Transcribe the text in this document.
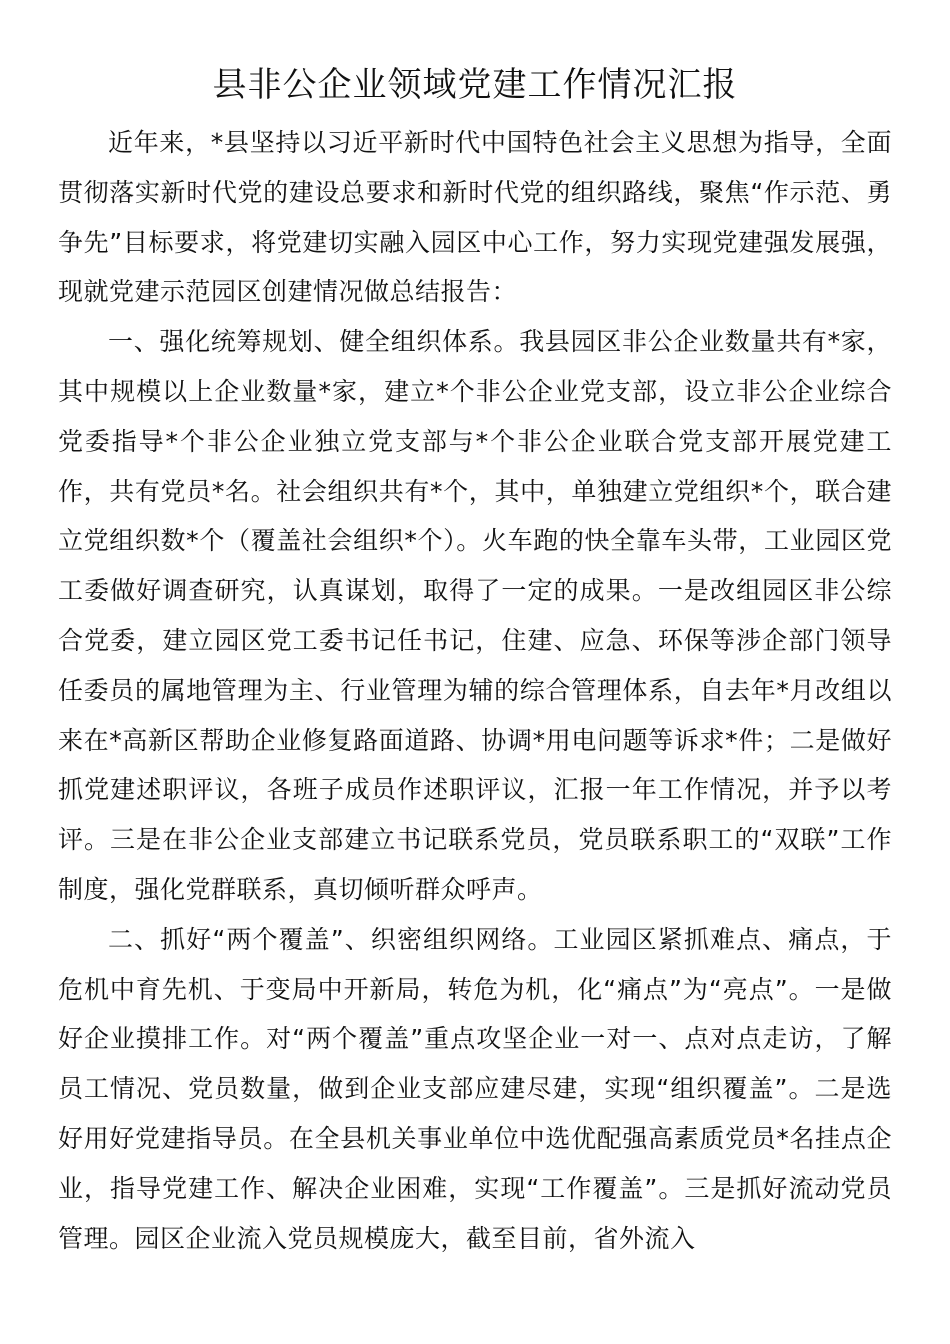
县非公企业领域党建工作情况汇报

近年来，*县坚持以习近平新时代中国特色社会主义思想为指导，全面贯彻落实新时代党的建设总要求和新时代党的组织路线，聚焦“作示范、勇争先”目标要求，将党建切实融入园区中心工作，努力实现党建强发展强，现就党建示范园区创建情况做总结报告：

一、强化统筹规划、健全组织体系。我县园区非公企业数量共有*家，其中规模以上企业数量*家，建立*个非公企业党支部，设立非公企业综合党委指导*个非公企业独立党支部与*个非公企业联合党支部开展党建工作，共有党员*名。社会组织共有*个，其中，单独建立党组织*个，联合建立党组织数*个（覆盖社会组织*个）。火车跑的快全靠车头带，工业园区党工委做好调查研究，认真谋划，取得了一定的成果。一是改组园区非公综合党委，建立园区党工委书记任书记，住建、应急、环保等涉企部门领导任委员的属地管理为主、行业管理为辅的综合管理体系，自去年*月改组以来在*高新区帮助企业修复路面道路、协调*用电问题等诉求*件；二是做好抓党建述职评议，各班子成员作述职评议，汇报一年工作情况，并予以考评。三是在非公企业支部建立书记联系党员，党员联系职工的“双联”工作制度，强化党群联系，真切倾听群众呼声。

二、抓好“两个覆盖”、织密组织网络。工业园区紧抓难点、痛点，于危机中育先机、于变局中开新局，转危为机，化“痛点”为“亮点”。一是做好企业摸排工作。对“两个覆盖”重点攻坚企业一对一、点对点走访，了解员工情况、党员数量，做到企业支部应建尽建，实现“组织覆盖”。二是选好用好党建指导员。在全县机关事业单位中选优配强高素质党员*名挂点企业，指导党建工作、解决企业困难，实现“工作覆盖”。三是抓好流动党员管理。园区企业流入党员规模庞大，截至目前，省外流入
